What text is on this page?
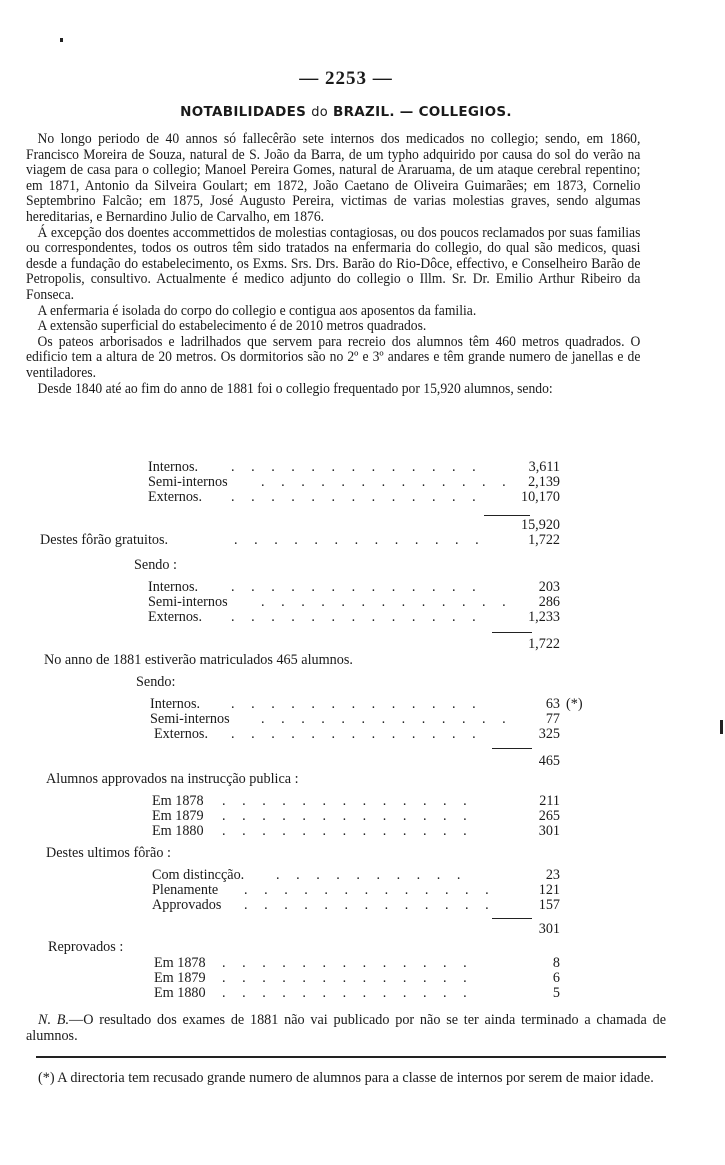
— 2253 —
NOTABILIDADES do BRAZIL. — COLLEGIOS.

No longo periodo de 40 annos só fallecêrão sete internos dos medicados no collegio; sendo, em 1860, Francisco Moreira de Souza, natural de S. João da Barra, de um typho adquirido por causa do sol do verão na viagem de casa para o collegio; Manoel Pereira Gomes, natural de Araruama, de um ataque cerebral repentino; em 1871, Antonio da Silveira Goulart; em 1872, João Caetano de Oliveira Guimarães; em 1873, Cornelio Septembrino Falcão; em 1875, José Augusto Pereira, victimas de varias molestias graves, sendo algumas hereditarias, e Bernardino Julio de Carvalho, em 1876.

Á excepção dos doentes accommettidos de molestias contagiosas, ou dos poucos reclamados por suas familias ou correspondentes, todos os outros têm sido tratados na enfermaria do collegio, do qual são medicos, quasi desde a fundação do estabelecimento, os Exms. Srs. Drs. Barão do Rio-Dôce, effectivo, e Conselheiro Barão de Petropolis, consultivo. Actualmente é medico adjunto do collegio o Illm. Sr. Dr. Emilio Arthur Ribeiro da Fonseca.

A enfermaria é isolada do corpo do collegio e contigua aos aposentos da familia.

A extensão superficial do estabelecimento é de 2010 metros quadrados.

Os pateos arborisados e ladrilhados que servem para recreio dos alumnos têm 460 metros quadrados. O edificio tem a altura de 20 metros. Os dormitorios são no 2º e 3º andares e têm grande numero de janellas e de ventiladores.

Desde 1840 até ao fim do anno de 1881 foi o collegio frequentado por 15,920 alumnos, sendo:

Internos. . . . . . . . . . . . . .	3,611
Semi-internos . . . . . . . . . . . . . 2,139
Externos. . . . . . . . . . . . . .	10,170
15,920
Destes fôrão gratuitos.	. . . . . . . . . . . . .	1,722
Sendo :
Internos. . . . . . . . . . . . . .	203
Semi-internos . . . . . . . . . . . . . 286
Externos. . . . . . . . . . . . . .	1,233
1,722
No anno de 1881 estiverão matriculados 465 alumnos.
Sendo:
Internos. . . . . . . . . . . . . .	63 (*)
Semi-internos . . . . . . . . . . . . . 77
Externos. . . . . . . . . . . . . .	325
465
Alumnos approvados na instrucção publica :
Em 1878 . . . . . . . . . . . . .	211
Em 1879 . . . . . . . . . . . . .	265
Em 1880 . . . . . . . . . . . . .	301
Destes ultimos fôrão :
Com distincção. . . . . . . . . . .	23
Plenamente . . . . . . . . . . . . .	121
Approvados . . . . . . . . . . . . .	157
301
Reprovados :
Em 1878 . . . . . . . . . . . . .	8
Em 1879 . . . . . . . . . . . . .	6
Em 1880 . . . . . . . . . . . . .	5

N. B.—O resultado dos exames de 1881 não vai publicado por não se ter ainda terminado a chamada de alumnos.

(*) A directoria tem recusado grande numero de alumnos para a classe de internos por serem de maior idade.
